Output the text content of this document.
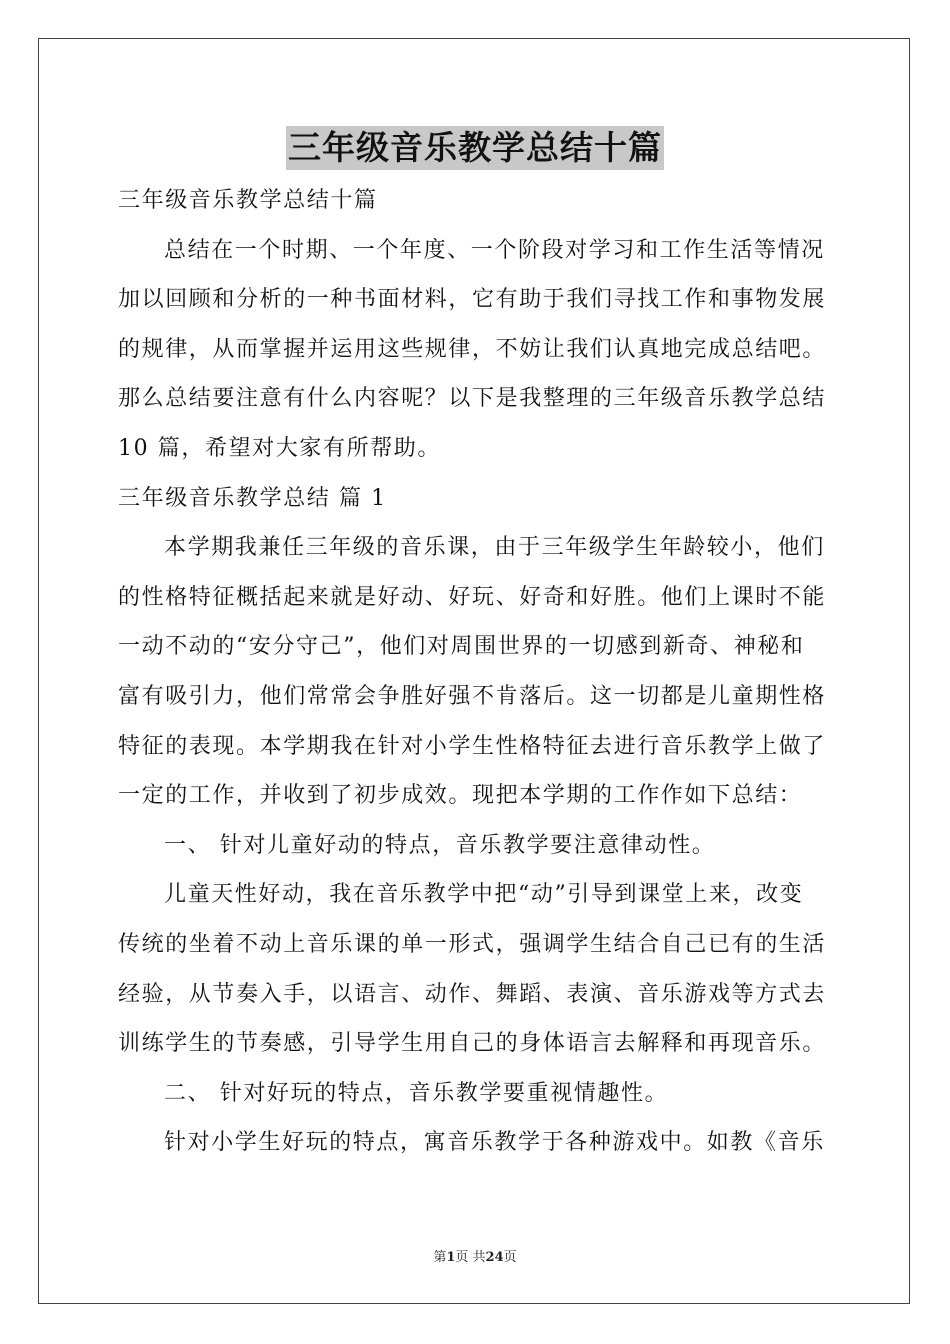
三年级音乐教学总结十篇
三年级音乐教学总结十篇
总结在一个时期、一个年度、一个阶段对学习和工作生活等情况
加以回顾和分析的一种书面材料，它有助于我们寻找工作和事物发展
的规律，从而掌握并运用这些规律，不妨让我们认真地完成总结吧。
那么总结要注意有什么内容呢？以下是我整理的三年级音乐教学总结
10 篇，希望对大家有所帮助。
三年级音乐教学总结 篇 1
本学期我兼任三年级的音乐课，由于三年级学生年龄较小，他们
的性格特征概括起来就是好动、好玩、好奇和好胜。他们上课时不能
一动不动的“安分守己”，他们对周围世界的一切感到新奇、神秘和
富有吸引力，他们常常会争胜好强不肯落后。这一切都是儿童期性格
特征的表现。本学期我在针对小学生性格特征去进行音乐教学上做了
一定的工作，并收到了初步成效。现把本学期的工作作如下总结：
一、 针对儿童好动的特点，音乐教学要注意律动性。
儿童天性好动，我在音乐教学中把“动”引导到课堂上来，改变
传统的坐着不动上音乐课的单一形式，强调学生结合自己已有的生活
经验，从节奏入手，以语言、动作、舞蹈、表演、音乐游戏等方式去
训练学生的节奏感，引导学生用自己的身体语言去解释和再现音乐。
二、 针对好玩的特点，音乐教学要重视情趣性。
针对小学生好玩的特点，寓音乐教学于各种游戏中。如教《音乐
第1页 共24页
